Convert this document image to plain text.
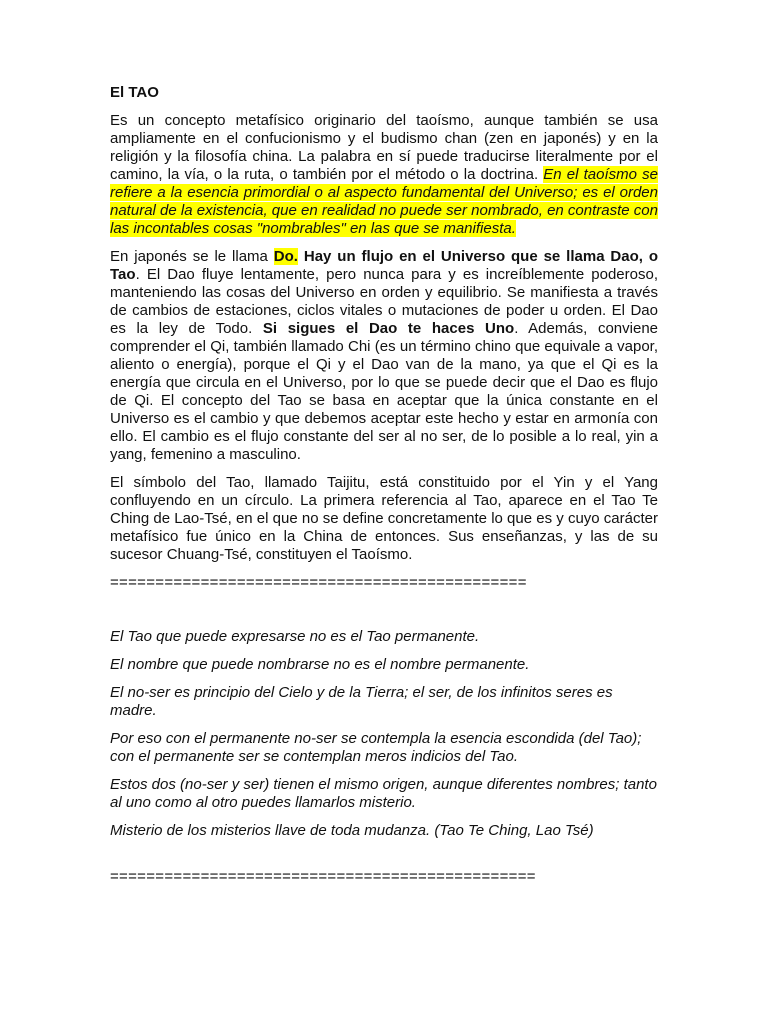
El TAO

Es un concepto metafísico originario del taoísmo, aunque también se usa ampliamente en el confucionismo y el budismo chan (zen en japonés) y en la religión y la filosofía china. La palabra en sí puede traducirse literalmente por el camino, la vía, o la ruta, o también por el método o la doctrina. En el taoísmo se refiere a la esencia primordial o al aspecto fundamental del Universo; es el orden natural de la existencia, que en realidad no puede ser nombrado, en contraste con las incontables cosas "nombrables" en las que se manifiesta.

En japonés se le llama Do. Hay un flujo en el Universo que se llama Dao, o Tao. El Dao fluye lentamente, pero nunca para y es increíblemente poderoso, manteniendo las cosas del Universo en orden y equilibrio. Se manifiesta a través de cambios de estaciones, ciclos vitales o mutaciones de poder u orden. El Dao es la ley de Todo. Si sigues el Dao te haces Uno. Además, conviene comprender el Qi, también llamado Chi (es un término chino que equivale a vapor, aliento o energía), porque el Qi y el Dao van de la mano, ya que el Qi es la energía que circula en el Universo, por lo que se puede decir que el Dao es flujo de Qi. El concepto del Tao se basa en aceptar que la única constante en el Universo es el cambio y que debemos aceptar este hecho y estar en armonía con ello. El cambio es el flujo constante del ser al no ser, de lo posible a lo real, yin a yang, femenino a masculino.

El símbolo del Tao, llamado Taijitu, está constituido por el Yin y el Yang confluyendo en un círculo. La primera referencia al Tao, aparece en el Tao Te Ching de Lao-Tsé, en el que no se define concretamente lo que es y cuyo carácter metafísico fue único en la China de entonces. Sus enseñanzas, y las de su sucesor Chuang-Tsé, constituyen el Taoísmo.

==============================================

El Tao que puede expresarse no es el Tao permanente.

El nombre que puede nombrarse no es el nombre permanente.

El no-ser es principio del Cielo y de la Tierra; el ser, de los infinitos seres es madre.

Por eso con el permanente no-ser se contempla la esencia escondida (del Tao); con el permanente ser se contemplan meros indicios del Tao.

Estos dos (no-ser y ser) tienen el mismo origen, aunque diferentes nombres; tanto al uno como al otro puedes llamarlos misterio.

Misterio de los misterios llave de toda mudanza. (Tao Te Ching, Lao Tsé)

===============================================
